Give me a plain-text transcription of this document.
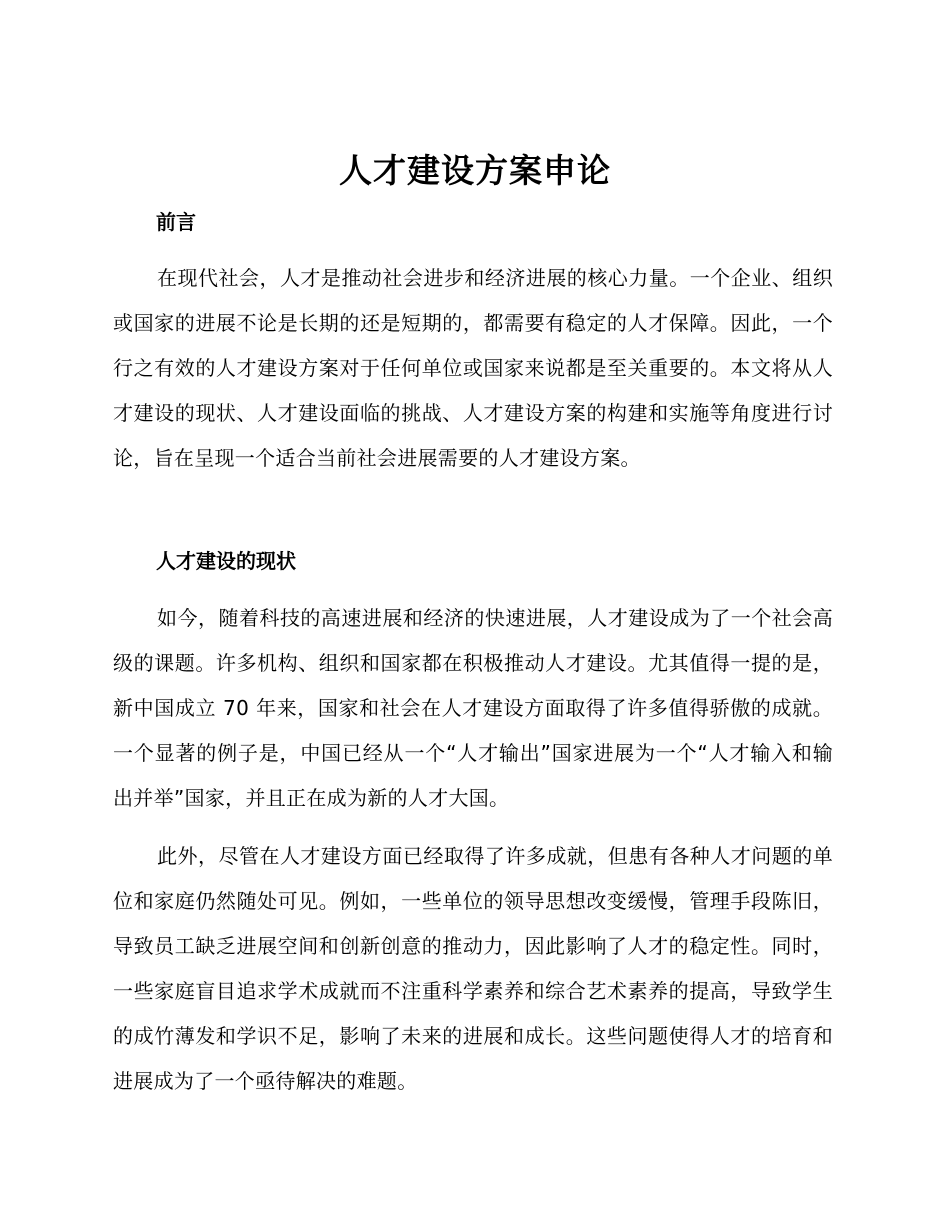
人才建设方案申论
前言

在现代社会，人才是推动社会进步和经济进展的核心力量。一个企业、组织或国家的进展不论是长期的还是短期的，都需要有稳定的人才保障。因此，一个行之有效的人才建设方案对于任何单位或国家来说都是至关重要的。本文将从人才建设的现状、人才建设面临的挑战、人才建设方案的构建和实施等角度进行讨论，旨在呈现一个适合当前社会进展需要的人才建设方案。

人才建设的现状

如今，随着科技的高速进展和经济的快速进展，人才建设成为了一个社会高级的课题。许多机构、组织和国家都在积极推动人才建设。尤其值得一提的是，新中国成立 70 年来，国家和社会在人才建设方面取得了许多值得骄傲的成就。一个显著的例子是，中国已经从一个“人才输出”国家进展为一个“人才输入和输出并举”国家，并且正在成为新的人才大国。

此外，尽管在人才建设方面已经取得了许多成就，但患有各种人才问题的单位和家庭仍然随处可见。例如，一些单位的领导思想改变缓慢，管理手段陈旧，导致员工缺乏进展空间和创新创意的推动力，因此影响了人才的稳定性。同时，一些家庭盲目追求学术成就而不注重科学素养和综合艺术素养的提高，导致学生的成竹薄发和学识不足，影响了未来的进展和成长。这些问题使得人才的培育和进展成为了一个亟待解决的难题。
